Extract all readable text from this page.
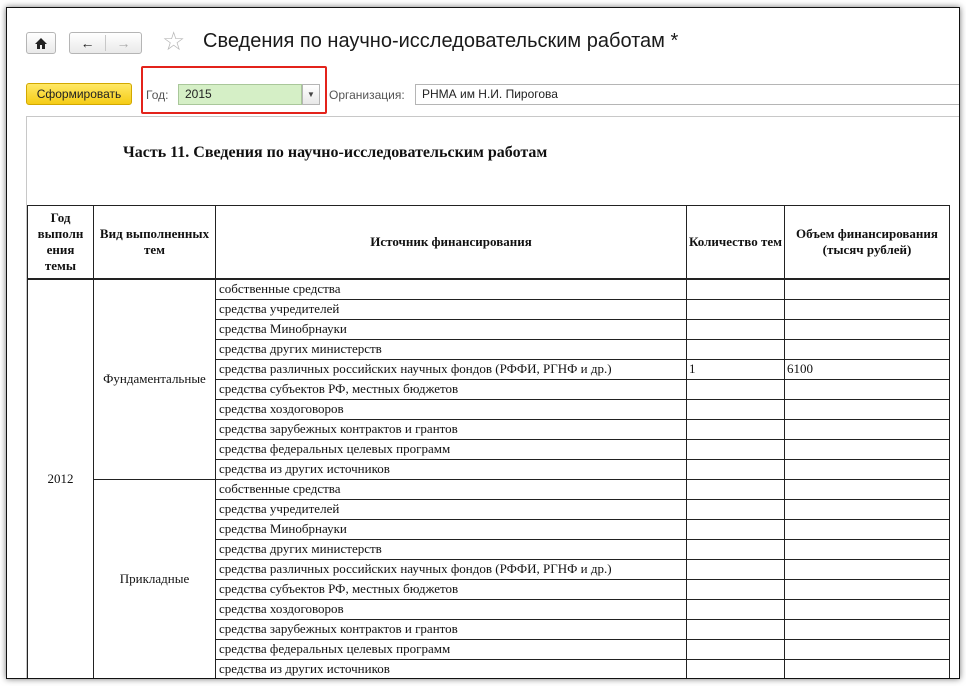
←	→	☆ Сведения по научно-исследовательским работам *
Сформировать	Год:	2015	▼ Организация:	РНМА им Н.И. Пирогова
Часть 11. Сведения по научно-исследовательским работам
Год выполн ения темы	Вид выполненных тем	Источник финансирования	Количество тем	Объем финансирования (тысяч рублей)
2012	Фундаментальные	собственные средства		
		средства учредителей		
		средства Минобрнауки		
		средства других министерств		
		средства различных российских научных фондов (РФФИ, РГНФ и др.)	1	6100
		средства субъектов РФ, местных бюджетов		
		средства хоздоговоров		
		средства зарубежных контрактов и грантов		
		средства федеральных целевых программ		
		средства из других источников		
	Прикладные	собственные средства		
		средства учредителей		
		средства Минобрнауки		
		средства других министерств		
		средства различных российских научных фондов (РФФИ, РГНФ и др.)		
		средства субъектов РФ, местных бюджетов		
		средства хоздоговоров		
		средства зарубежных контрактов и грантов		
		средства федеральных целевых программ		
		средства из других источников		
